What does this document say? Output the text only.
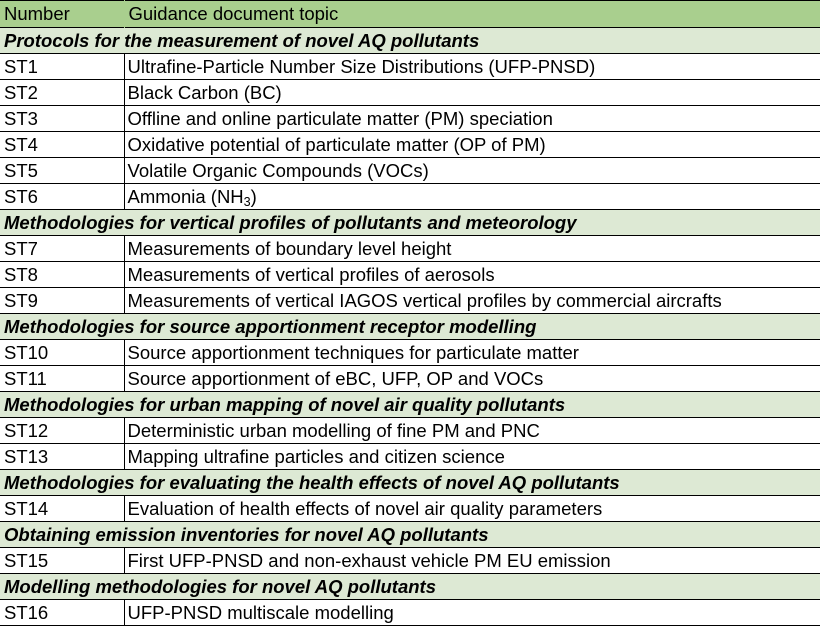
Number	Guidance document topic
Protocols for the measurement of novel AQ pollutants	
ST1	Ultrafine-Particle Number Size Distributions (UFP-PNSD)
ST2	Black Carbon (BC)
ST3	Offline and online particulate matter (PM) speciation
ST4	Oxidative potential of particulate matter (OP of PM)
ST5	Volatile Organic Compounds (VOCs)
ST6	Ammonia $(NH_3)$
Methodologies for vertical profiles of pollutants and meteorology	
ST7	Measurements of boundary level height
ST8	Measurements of vertical profiles of aerosols
ST9	Measurements of vertical IAGOS vertical profiles by commercial aircrafts
Methodologies for source apportionment receptor modelling	
ST10	Source apportionment techniques for particulate matter
ST11	Source apportionment of eBC, UFP, OP and VOCs
Methodologies for urban mapping of novel air quality pollutants	
ST12	Deterministic urban modelling of fine PM and PNC
ST13	Mapping ultrafine particles and citizen science
Methodologies for evaluating the health effects of novel AQ pollutants	
ST14	Evaluation of health effects of novel air quality parameters
Obtaining emission inventories for novel AQ pollutants	
ST15	First UFP-PNSD and non-exhaust vehicle PM EU emission
Modelling methodologies for novel AQ pollutants	
ST16	UFP-PNSD multiscale modelling
